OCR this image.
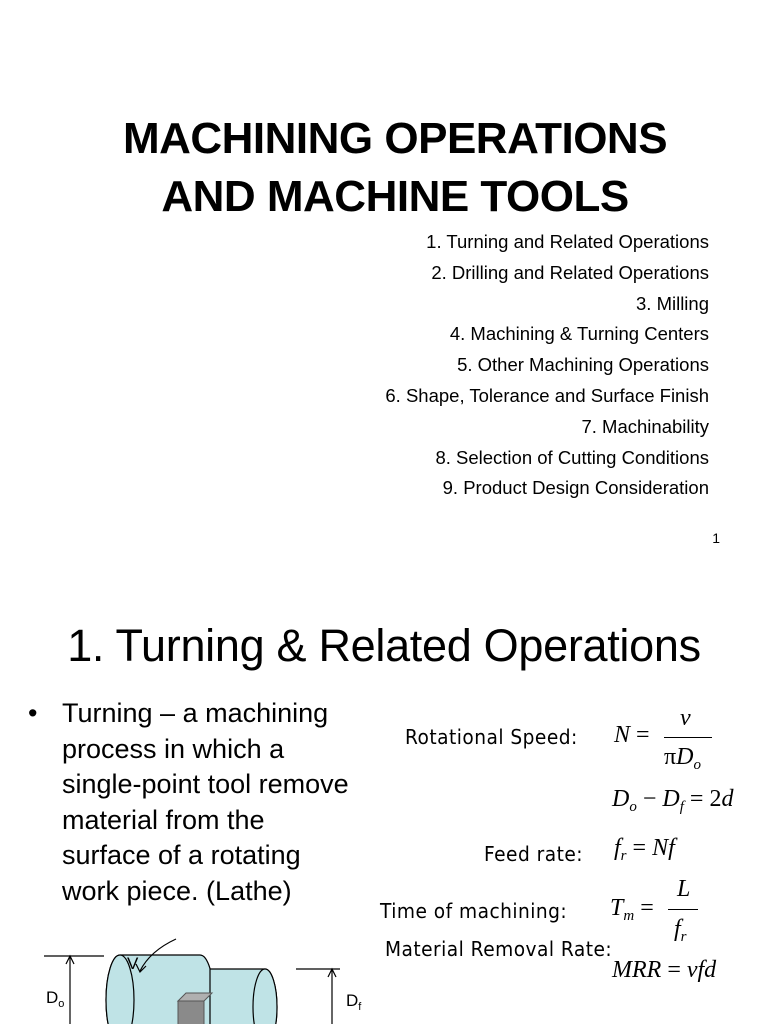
MACHINING OPERATIONS
AND MACHINE TOOLS
1. Turning and Related Operations
2. Drilling and Related Operations
3. Milling
4. Machining & Turning Centers
5. Other Machining Operations
6. Shape, Tolerance and Surface Finish
7. Machinability
8. Selection of Cutting Conditions
9. Product Design Consideration
1
1. Turning & Related Operations
• Turning – a machining
process in which a
single-point tool remove
material from the
surface of a rotating
work piece. (Lathe)
Rotational Speed: N =
v
$\pi D_o$
$D_o - D_f = 2d$
Feed rate: $f_r = Nf$
Time of machining: $T_m$ =
L
$f_r$
Material Removal Rate:
MRR = vfd
$D_o$
V
$D_f$
